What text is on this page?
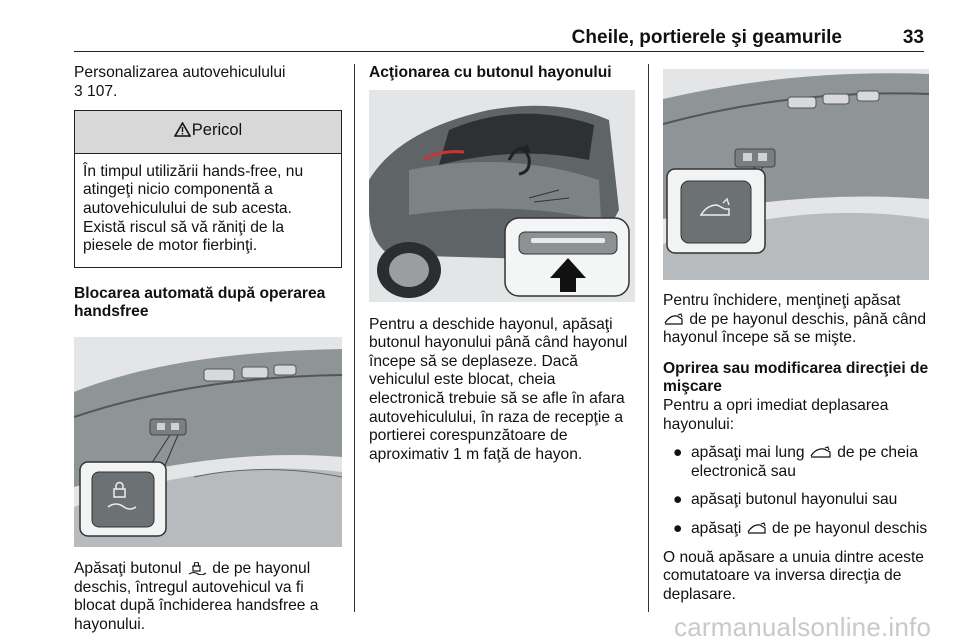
Cheile, portierele şi geamurile	33

Personalizarea autovehiculului
3 107.

Pericol
În timpul utilizării hands-free, nu atingeţi nicio componentă a autovehiculului de sub acesta. Există riscul să vă răniţi de la piesele de motor fierbinţi.

Blocarea automată după operarea handsfree

Apăsaţi butonul de pe hayonul deschis, întregul autovehicul va fi blocat după închiderea handsfree a hayonului.

Acţionarea cu butonul hayonului

Pentru a deschide hayonul, apăsaţi butonul hayonului până când hayonul începe să se deplaseze. Dacă vehiculul este blocat, cheia electronică trebuie să se afle în afara autovehiculului, în raza de recepţie a portierei corespunzătoare de aproximativ 1 m faţă de hayon.

Pentru închidere, menţineţi apăsat

de pe hayonul deschis, până când hayonul începe să se mişte.

Oprirea sau modificarea direcţiei de mişcare

Pentru a opri imediat deplasarea hayonului:

● apăsaţi mai lung de pe cheia electronică sau
● apăsaţi butonul hayonului sau
● apăsaţi de pe hayonul deschis

O nouă apăsare a unuia dintre aceste comutatoare va inversa direcţia de deplasare.

carmanualsonline.info
